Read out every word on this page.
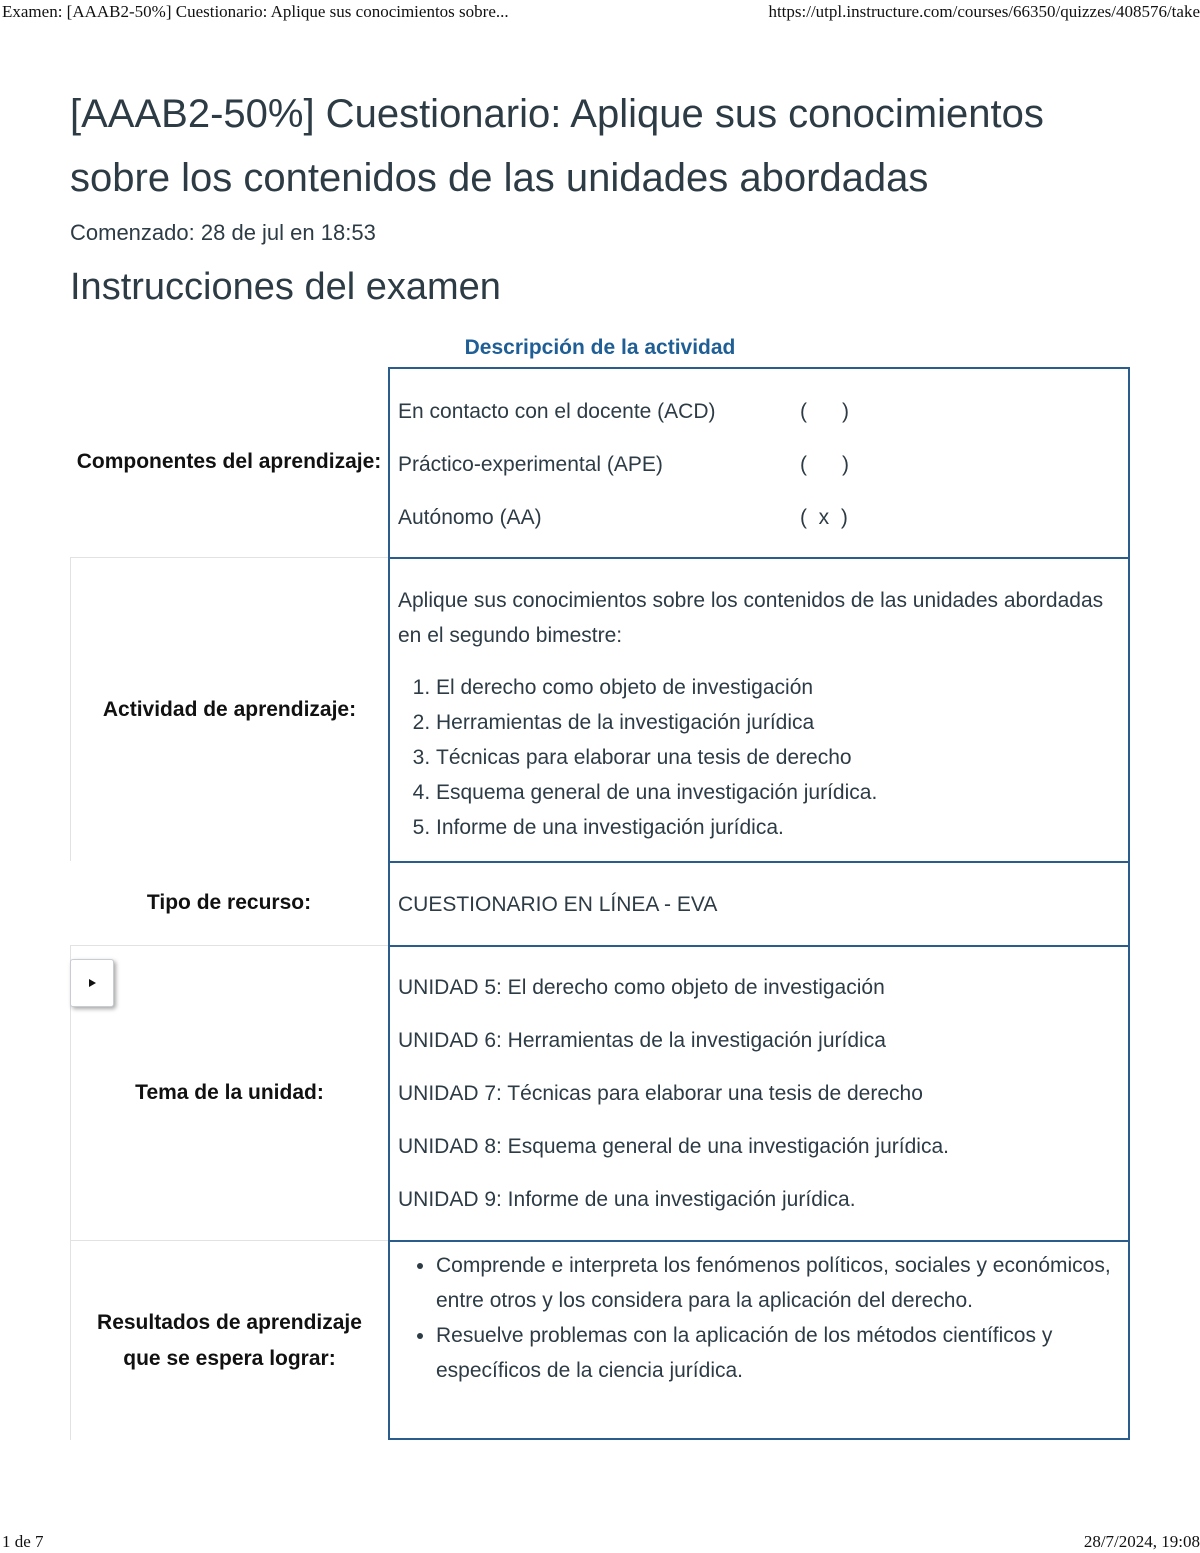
Examen: [AAAB2-50%] Cuestionario: Aplique sus conocimientos sobre...	https://utpl.instructure.com/courses/66350/quizzes/408576/take
[AAAB2-50%] Cuestionario: Aplique sus conocimientos sobre los contenidos de las unidades abordadas
Comenzado: 28 de jul en 18:53
Instrucciones del examen
Descripción de la actividad
Componentes del aprendizaje:
En contacto con el docente (ACD)	(      )
Práctico-experimental (APE)	(      )
Autónomo (AA)	(  x  )
Actividad de aprendizaje:

Aplique sus conocimientos sobre los contenidos de las unidades abordadas en el segundo bimestre:

1. El derecho como objeto de investigación
2. Herramientas de la investigación jurídica
3. Técnicas para elaborar una tesis de derecho
4. Esquema general de una investigación jurídica.
5. Informe de una investigación jurídica.
Tipo de recurso:	CUESTIONARIO EN LÍNEA - EVA
Tema de la unidad:
UNIDAD 5: El derecho como objeto de investigación
UNIDAD 6: Herramientas de la investigación jurídica
UNIDAD 7: Técnicas para elaborar una tesis de derecho
UNIDAD 8: Esquema general de una investigación jurídica.
UNIDAD 9: Informe de una investigación jurídica.
Resultados de aprendizaje que se espera lograr:
• Comprende e interpreta los fenómenos políticos, sociales y económicos, entre otros y los considera para la aplicación del derecho.
• Resuelve problemas con la aplicación de los métodos científicos y específicos de la ciencia jurídica.
1 de 7	28/7/2024, 19:08
